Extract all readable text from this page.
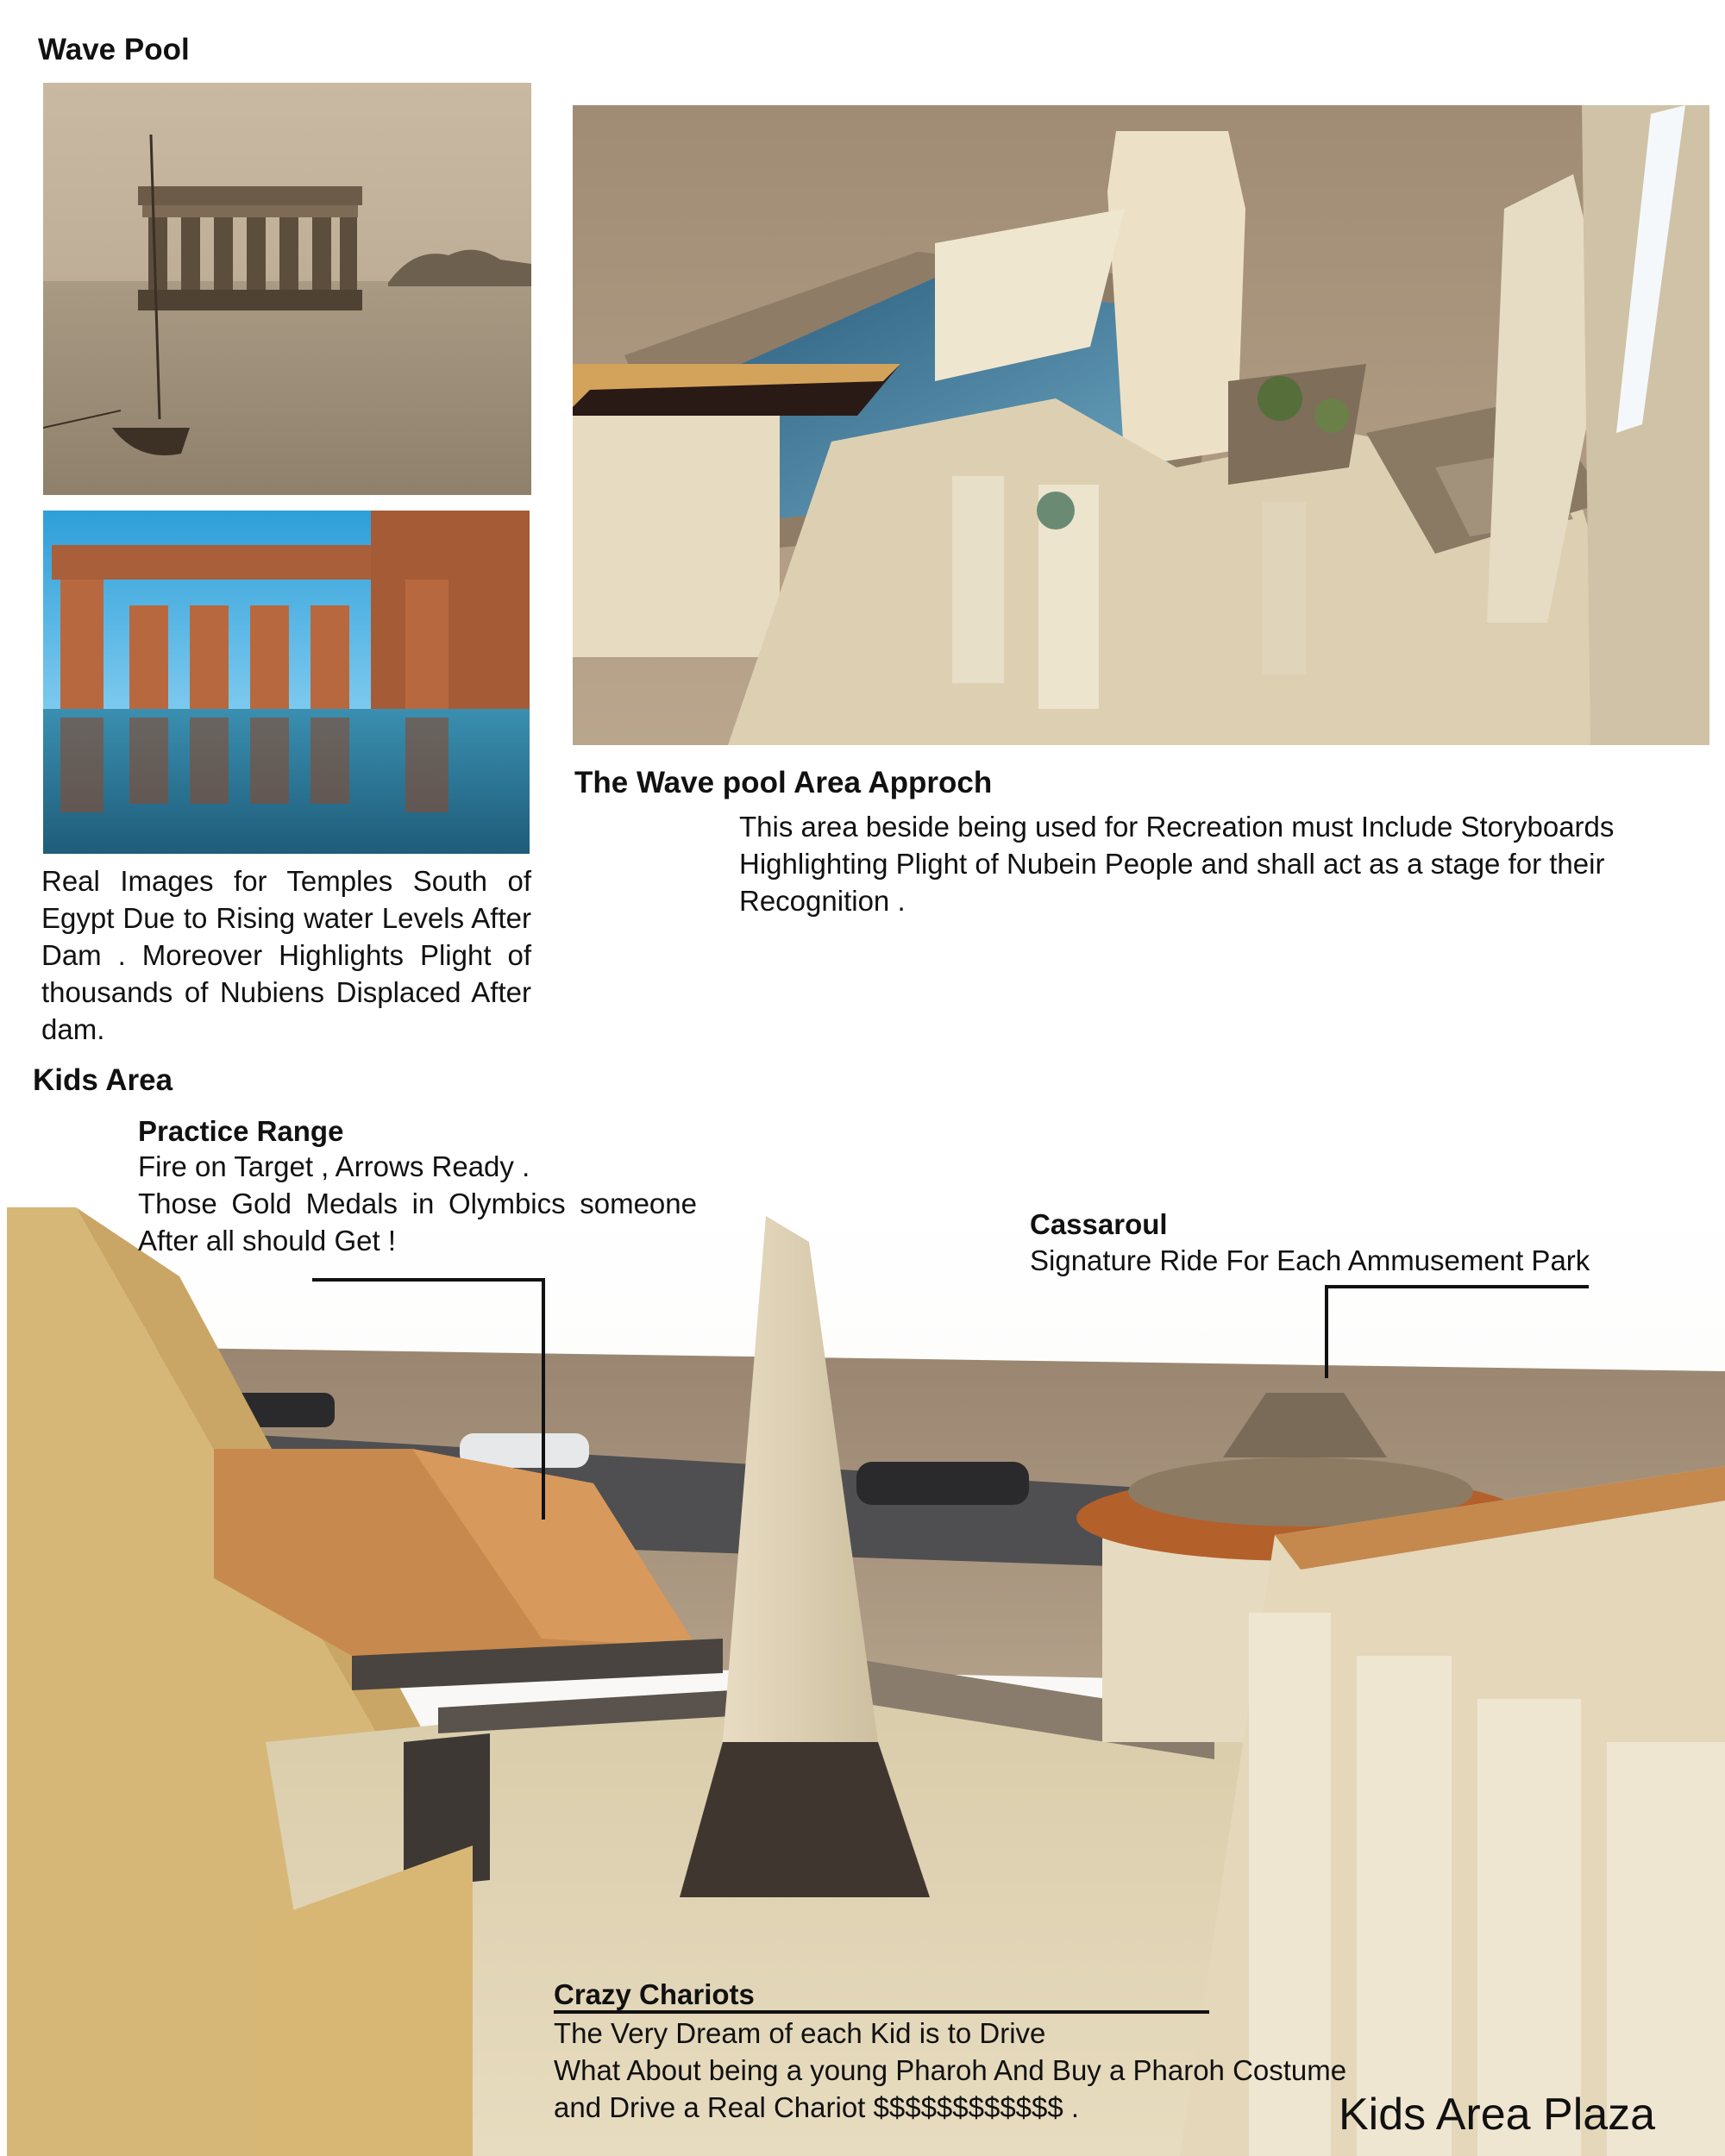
Wave Pool

Real Images for Temples South of Egypt Due to Rising water Levels After Dam . Moreover Highlights Plight of thousands of Nubiens Displaced After dam.

The Wave pool Area Approch

This area beside being used for Recreation must Include Storyboards Highlighting Plight of Nubein People and shall act as a stage for their Recognition .

Kids Area
Practice Range

Fire on Target , Arrows Ready .

Those Gold Medals in Olymbics someone After all should Get !

Cassaroul

Signature Ride For Each Ammusement Park

Crazy Chariots

The Very Dream of each Kid is to Drive

What About being a young Pharoh And Buy a Pharoh Costume

and Drive a Real Chariot $$$$$$$$$$$$ .	Kids Area Plaza
